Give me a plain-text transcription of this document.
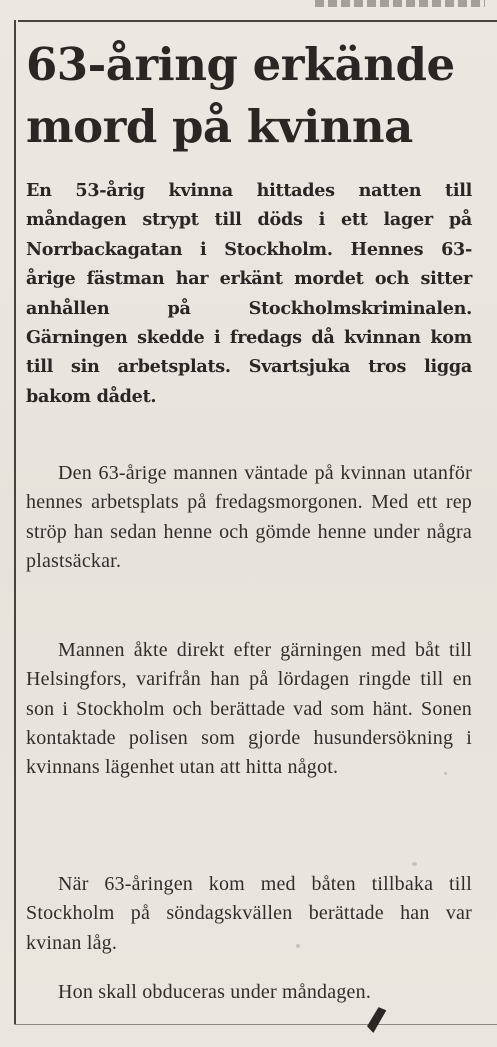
63-åring erkände mord på kvinna

En 53-årig kvinna hittades natten till måndagen strypt till döds i ett lager på Norrbackagatan i Stockholm. Hennes 63-årige fästman har erkänt mordet och sitter anhållen på Stockholmskriminalen. Gärningen skedde i fredags då kvinnan kom till sin arbetsplats. Svartsjuka tros ligga bakom dådet.

Den 63-årige mannen väntade på kvinnan utanför hennes arbetsplats på fredagsmorgonen. Med ett rep ströp han sedan henne och gömde henne under några plastsäckar.

Mannen åkte direkt efter gärningen med båt till Helsingfors, varifrån han på lördagen ringde till en son i Stockholm och berättade vad som hänt. Sonen kontaktade polisen som gjorde husundersökning i kvinnans lägenhet utan att hitta något.

När 63-åringen kom med båten tillbaka till Stockholm på söndagskvällen berättade han var kvinan låg.

Hon skall obduceras under måndagen.
